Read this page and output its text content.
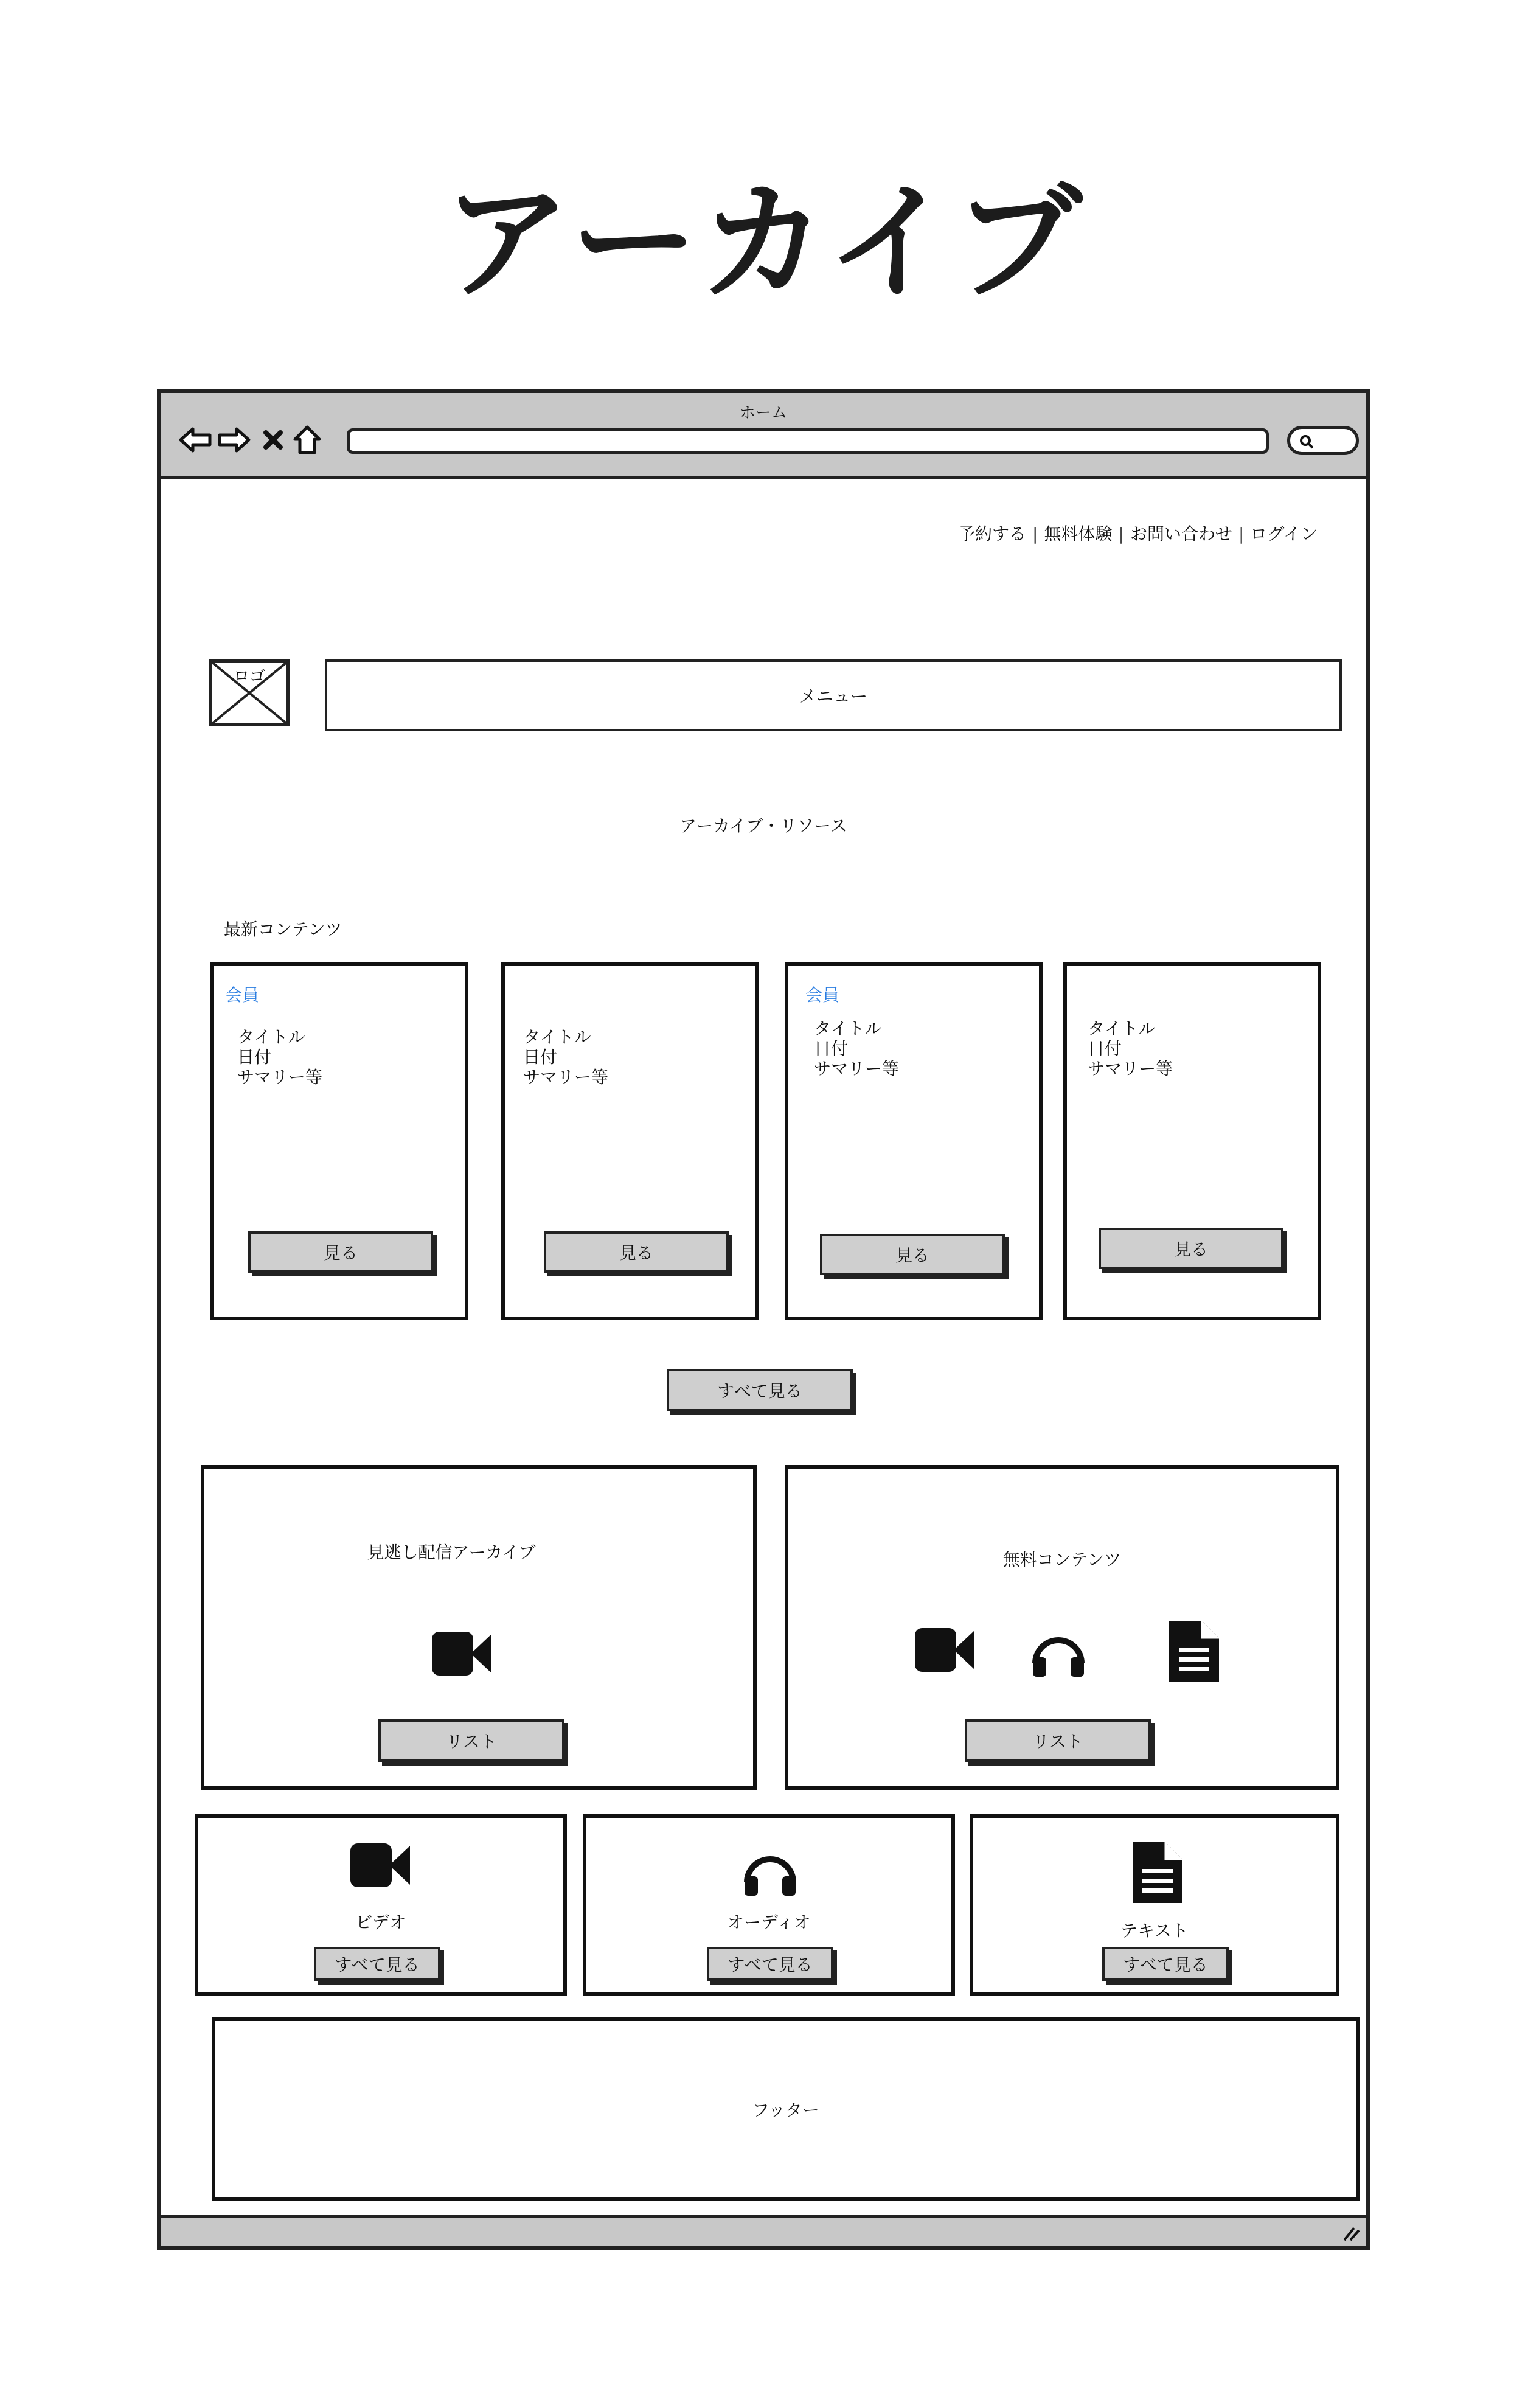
アーカイブ
ホーム
予約する | 無料体験 | お問い合わせ | ログイン
ロゴ
メニュー
アーカイブ・リソース
最新コンテンツ
会員
タイトル
日付
サマリー等
見る
タイトル
日付
サマリー等
見る
会員
タイトル
日付
サマリー等
見る
タイトル
日付
サマリー等
見る
すべて見る
見逃し配信アーカイブ
リスト
無料コンテンツ
リスト
ビデオ
すべて見る
オーディオ
すべて見る
テキスト
すべて見る
フッター
